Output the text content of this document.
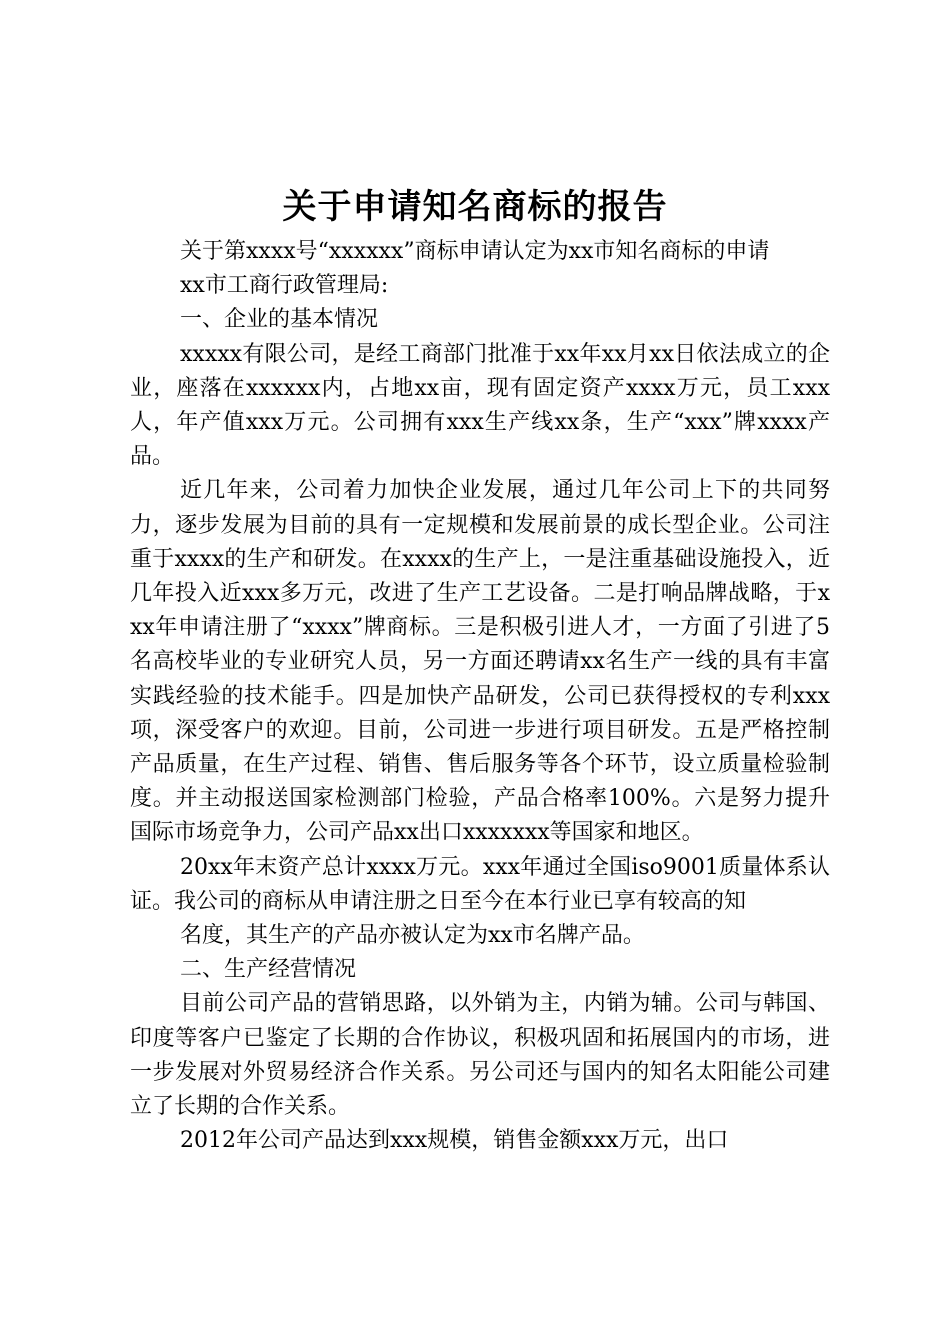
关于申请知名商标的报告

关于第xxxx号“xxxxxx”商标申请认定为xx市知名商标的申请

xx市工商行政管理局:

一、企业的基本情况

xxxxx有限公司，是经工商部门批准于xx年xx月xx日依法成立的企业，座落在xxxxxx内，占地xx亩，现有固定资产xxxx万元，员工xxx人，年产值xxx万元。公司拥有xxx生产线xx条，生产“xxx”牌xxxx产品。

近几年来，公司着力加快企业发展，通过几年公司上下的共同努力，逐步发展为目前的具有一定规模和发展前景的成长型企业。公司注重于xxxx的生产和研发。在xxxx的生产上，一是注重基础设施投入，近几年投入近xxx多万元，改进了生产工艺设备。二是打响品牌战略，于xxx年申请注册了“xxxx”牌商标。三是积极引进人才，一方面了引进了5名高校毕业的专业研究人员，另一方面还聘请xx名生产一线的具有丰富实践经验的技术能手。四是加快产品研发，公司已获得授权的专利xxx项，深受客户的欢迎。目前，公司进一步进行项目研发。五是严格控制产品质量，在生产过程、销售、售后服务等各个环节，设立质量检验制度。并主动报送国家检测部门检验，产品合格率100%。六是努力提升国际市场竞争力，公司产品xx出口xxxxxxx等国家和地区。

20xx年末资产总计xxxx万元。xxx年通过全国iso9001质量体系认证。我公司的商标从申请注册之日至今在本行业已享有较高的知

名度，其生产的产品亦被认定为xx市名牌产品。

二、生产经营情况

目前公司产品的营销思路，以外销为主，内销为辅。公司与韩国、印度等客户已鉴定了长期的合作协议，积极巩固和拓展国内的市场，进一步发展对外贸易经济合作关系。另公司还与国内的知名太阳能公司建立了长期的合作关系。

2012年公司产品达到xxx规模，销售金额xxx万元，出口
